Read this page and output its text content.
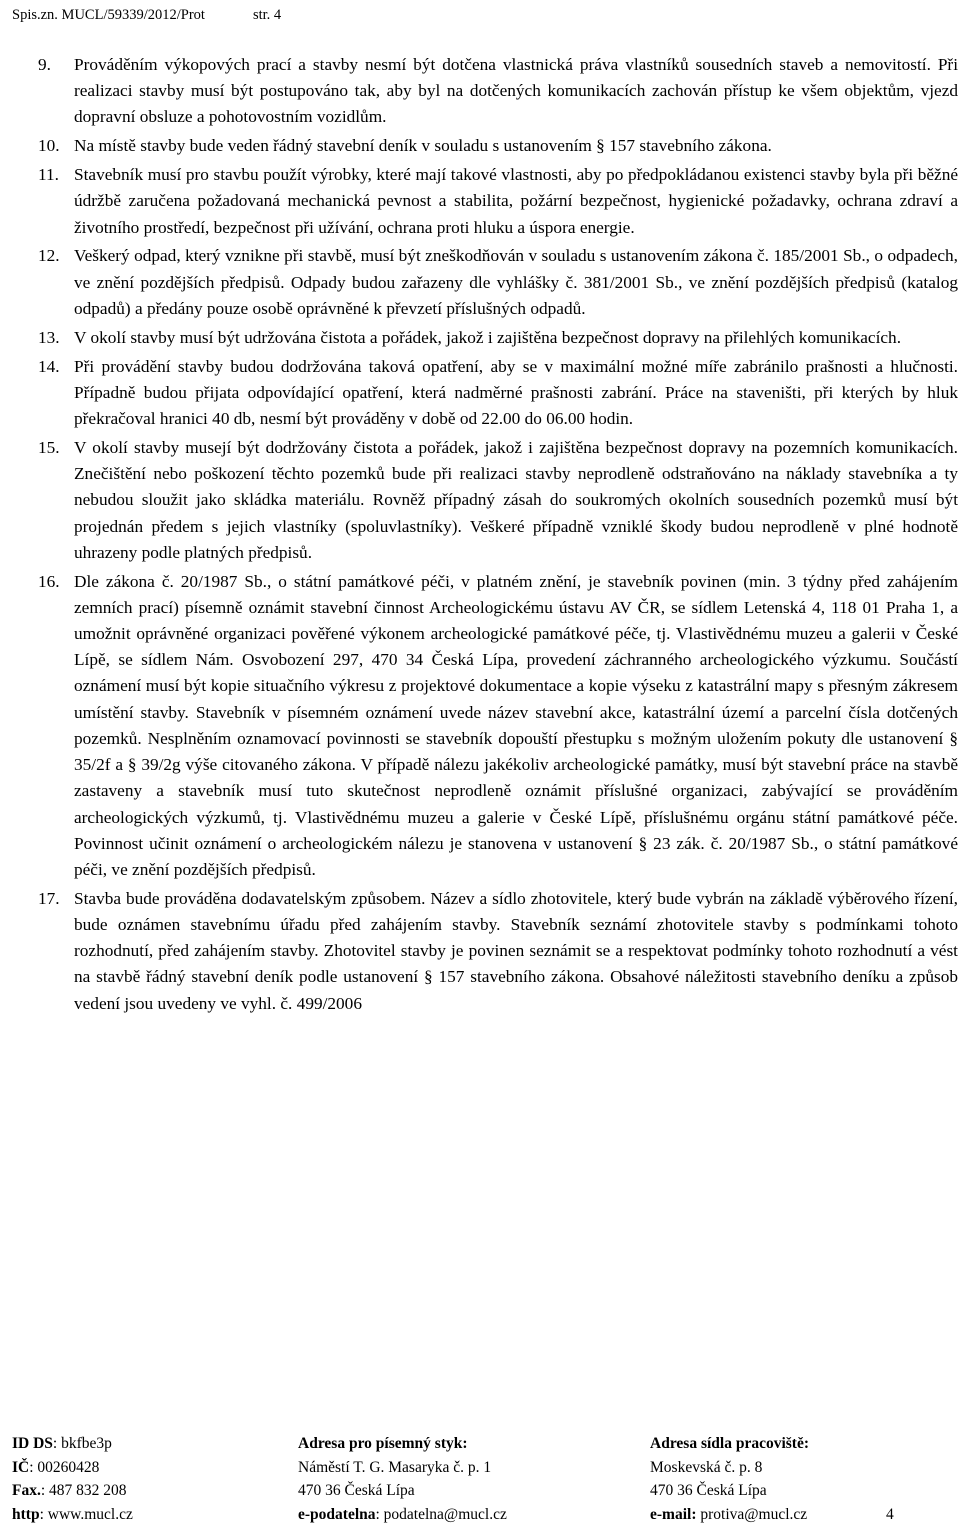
Spis.zn. MUCL/59339/2012/Prot	str. 4
9. Prováděním výkopových prací a stavby nesmí být dotčena vlastnická práva vlastníků sousedních staveb a nemovitostí. Při realizaci stavby musí být postupováno tak, aby byl na dotčených komunikacích zachován přístup ke všem objektům, vjezd dopravní obsluze a pohotovostním vozidlům.
10. Na místě stavby bude veden řádný stavební deník v souladu s ustanovením § 157 stavebního zákona.
11. Stavebník musí pro stavbu použít výrobky, které mají takové vlastnosti, aby po předpokládanou existenci stavby byla při běžné údržbě zaručena požadovaná mechanická pevnost a stabilita, požární bezpečnost, hygienické požadavky, ochrana zdraví a životního prostředí, bezpečnost při užívání, ochrana proti hluku a úspora energie.
12. Veškerý odpad, který vznikne při stavbě, musí být zneškodňován v souladu s ustanovením zákona č. 185/2001 Sb., o odpadech, ve znění pozdějších předpisů. Odpady budou zařazeny dle vyhlášky č. 381/2001 Sb., ve znění pozdějších předpisů (katalog odpadů) a předány pouze osobě oprávněné k převzetí příslušných odpadů.
13. V okolí stavby musí být udržována čistota a pořádek, jakož i zajištěna bezpečnost dopravy na přilehlých komunikacích.
14. Při provádění stavby budou dodržována taková opatření, aby se v maximální možné míře zabránilo prašnosti a hlučnosti. Případně budou přijata odpovídající opatření, která nadměrné prašnosti zabrání. Práce na staveništi, při kterých by hluk překračoval hranici 40 db, nesmí být prováděny v době od 22.00 do 06.00 hodin.
15. V okolí stavby musejí být dodržovány čistota a pořádek, jakož i zajištěna bezpečnost dopravy na pozemních komunikacích. Znečištění nebo poškození těchto pozemků bude při realizaci stavby neprodleně odstraňováno na náklady stavebníka a ty nebudou sloužit jako skládka materiálu. Rovněž případný zásah do soukromých okolních sousedních pozemků musí být projednán předem s jejich vlastníky (spoluvlastníky). Veškeré případně vzniklé škody budou neprodleně v plné hodnotě uhrazeny podle platných předpisů.
16. Dle zákona č. 20/1987 Sb., o státní památkové péči, v platném znění, je stavebník povinen (min. 3 týdny před zahájením zemních prací) písemně oznámit stavební činnost Archeologickému ústavu AV ČR, se sídlem Letenská 4, 118 01 Praha 1, a umožnit oprávněné organizaci pověřené výkonem archeologické památkové péče, tj. Vlastivědnému muzeu a galerii v České Lípě, se sídlem Nám. Osvobození 297, 470 34 Česká Lípa, provedení záchranného archeologického výzkumu. Součástí oznámení musí být kopie situačního výkresu z projektové dokumentace a kopie výseku z katastrální mapy s přesným zákresem umístění stavby. Stavebník v písemném oznámení uvede název stavební akce, katastrální území a parcelní čísla dotčených pozemků. Nesplněním oznamovací povinnosti se stavebník dopouští přestupku s možným uložením pokuty dle ustanovení § 35/2f a § 39/2g výše citovaného zákona. V případě nálezu jakékoliv archeologické památky, musí být stavební práce na stavbě zastaveny a stavebník musí tuto skutečnost neprodleně oznámit příslušné organizaci, zabývající se prováděním archeologických výzkumů, tj. Vlastivědnému muzeu a galerie v České Lípě, příslušnému orgánu státní památkové péče. Povinnost učinit oznámení o archeologickém nálezu je stanovena v ustanovení § 23 zák. č. 20/1987 Sb., o státní památkové péči, ve znění pozdějších předpisů.
17. Stavba bude prováděna dodavatelským způsobem. Název a sídlo zhotovitele, který bude vybrán na základě výběrového řízení, bude oznámen stavebnímu úřadu před zahájením stavby. Stavebník seznámí zhotovitele stavby s podmínkami tohoto rozhodnutí, před zahájením stavby. Zhotovitel stavby je povinen seznámit se a respektovat podmínky tohoto rozhodnutí a vést na stavbě řádný stavební deník podle ustanovení § 157 stavebního zákona. Obsahové náležitosti stavebního deníku a způsob vedení jsou uvedeny ve vyhl. č. 499/2006
ID DS: bkfbe3p
IČ: 00260428
Fax.: 487 832 208
http: www.mucl.cz
Adresa pro písemný styk:
Náměstí T. G. Masaryka č. p. 1
470 36 Česká Lípa
e-podatelna: podatelna@mucl.cz
Adresa sídla pracoviště:
Moskevská č. p. 8
470 36 Česká Lípa
e-mail: protiva@mucl.cz	4
